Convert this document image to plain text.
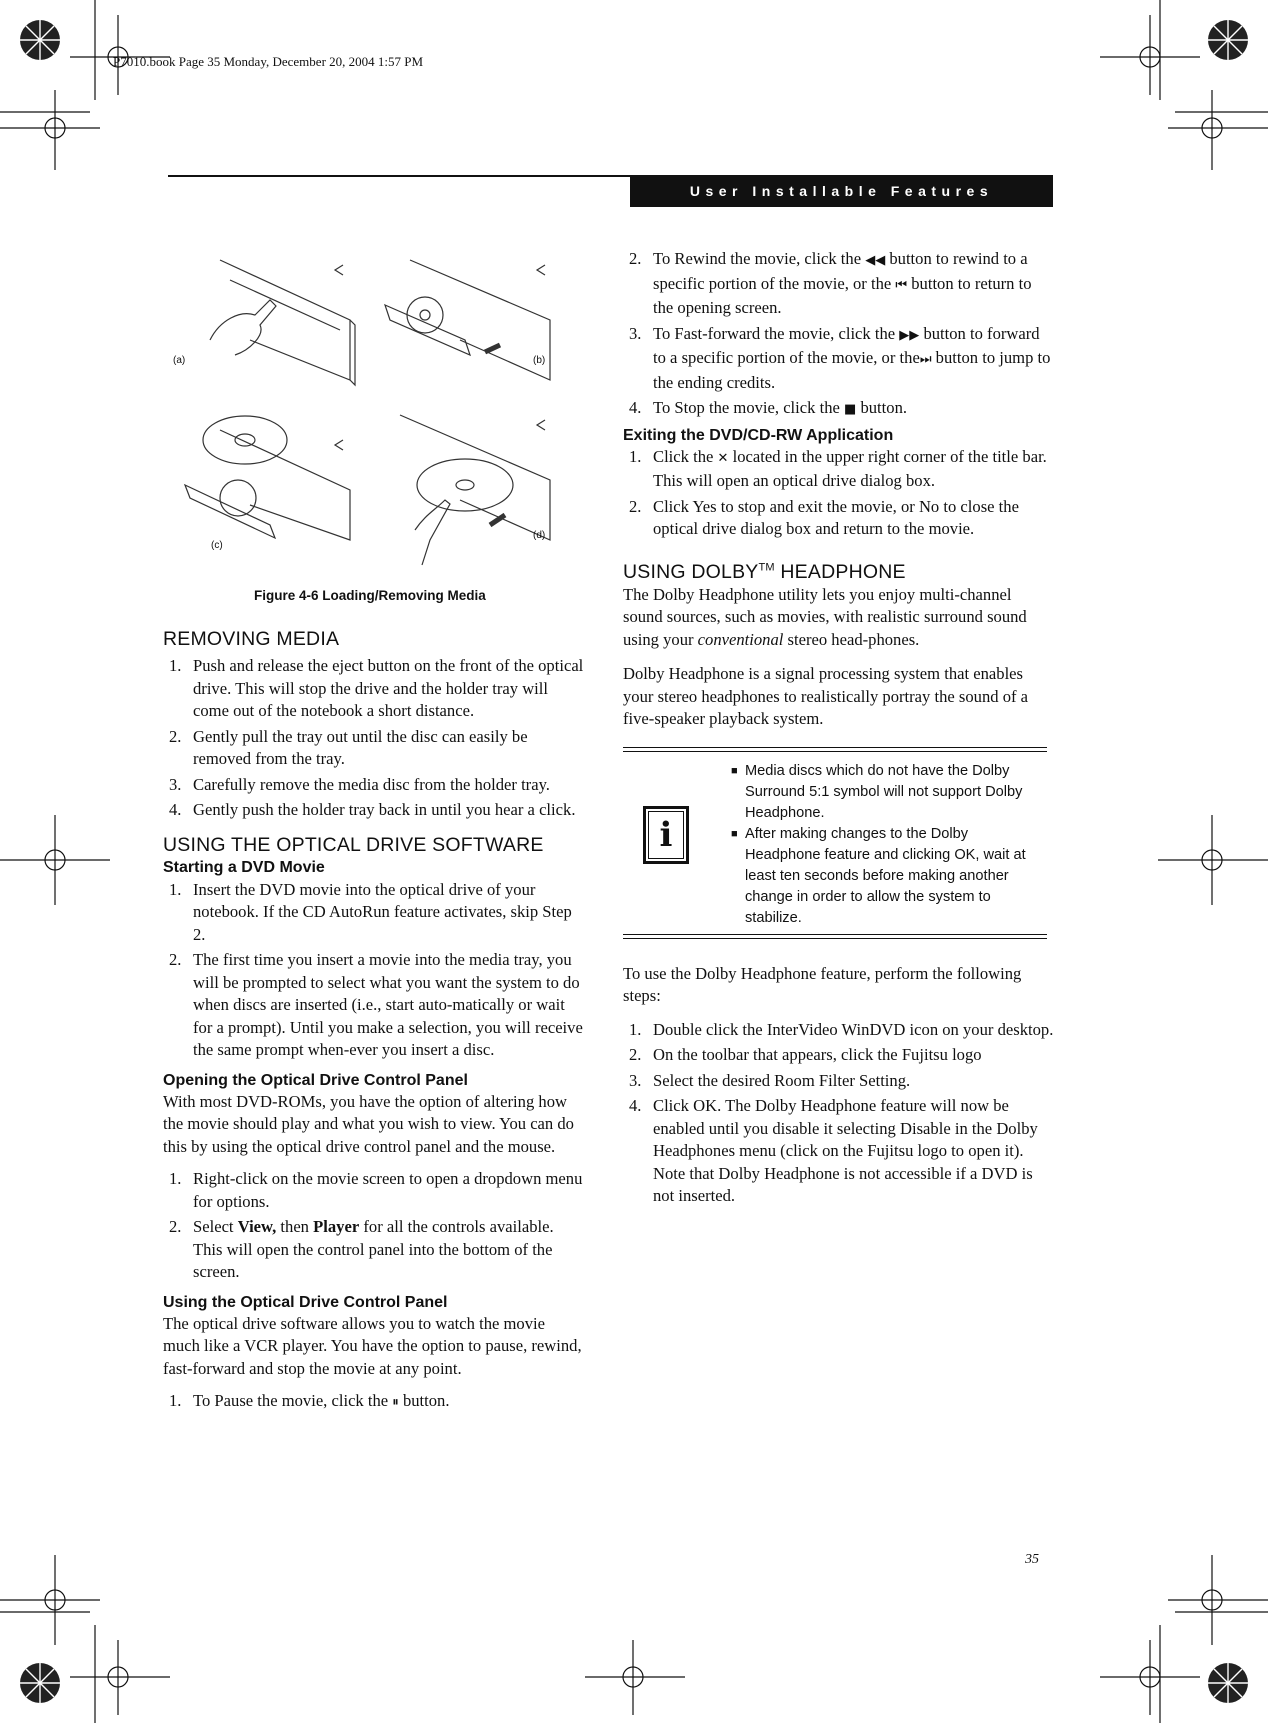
P7010.book Page 35 Monday, December 20, 2004 1:57 PM
User Installable Features
(a)	(b)
(c)
(d)
Figure 4-6 Loading/Removing Media
REMOVING MEDIA
1. Push and release the eject button on the front of the optical drive. This will stop the drive and the holder tray will come out of the notebook a short distance.
2. Gently pull the tray out until the disc can easily be removed from the tray.
3. Carefully remove the media disc from the holder tray.
4. Gently push the holder tray back in until you hear a click.
USING THE OPTICAL DRIVE SOFTWARE
Starting a DVD Movie
1. Insert the DVD movie into the optical drive of your notebook. If the CD AutoRun feature activates, skip Step 2.
2. The first time you insert a movie into the media tray, you will be prompted to select what you want the system to do when discs are inserted (i.e., start auto-matically or wait for a prompt). Until you make a selection, you will receive the same prompt when-ever you insert a disc.
Opening the Optical Drive Control Panel

With most DVD-ROMs, you have the option of altering how the movie should play and what you wish to view. You can do this by using the optical drive control panel and the mouse.

1. Right-click on the movie screen to open a dropdown menu for options.
2. Select View, then Player for all the controls available. This will open the control panel into the bottom of the screen.
Using the Optical Drive Control Panel

The optical drive software allows you to watch the movie much like a VCR player. You have the option to pause, rewind, fast-forward and stop the movie at any point.

1. To Pause the movie, click the ⏸ button.
2. To Rewind the movie, click the ◀◀ button to rewind to a specific portion of the movie, or the ⏮ button to return to the opening screen.
3. To Fast-forward the movie, click the ▶▶ button to forward to a specific portion of the movie, or the⏭ button to jump to the ending credits.
4. To Stop the movie, click the ■ button.
Exiting the DVD/CD-RW Application
1. Click the ✕ located in the upper right corner of the title bar. This will open an optical drive dialog box.
2. Click Yes to stop and exit the movie, or No to close the optical drive dialog box and return to the movie.
USING DOLBY™ HEADPHONE

The Dolby Headphone utility lets you enjoy multi-channel sound sources, such as movies, with realistic surround sound using your conventional stereo head-phones.

Dolby Headphone is a signal processing system that enables your stereo headphones to realistically portray the sound of a five-speaker playback system.

i
■ Media discs which do not have the Dolby Surround 5:1 symbol will not support Dolby Headphone.
■ After making changes to the Dolby Headphone feature and clicking OK, wait at least ten seconds before making another change in order to allow the system to stabilize.

To use the Dolby Headphone feature, perform the following steps:

1. Double click the InterVideo WinDVD icon on your desktop.
2. On the toolbar that appears, click the Fujitsu logo
3. Select the desired Room Filter Setting.
4. Click OK. The Dolby Headphone feature will now be enabled until you disable it selecting Disable in the Dolby Headphones menu (click on the Fujitsu logo to open it). Note that Dolby Headphone is not accessible if a DVD is not inserted.
35
